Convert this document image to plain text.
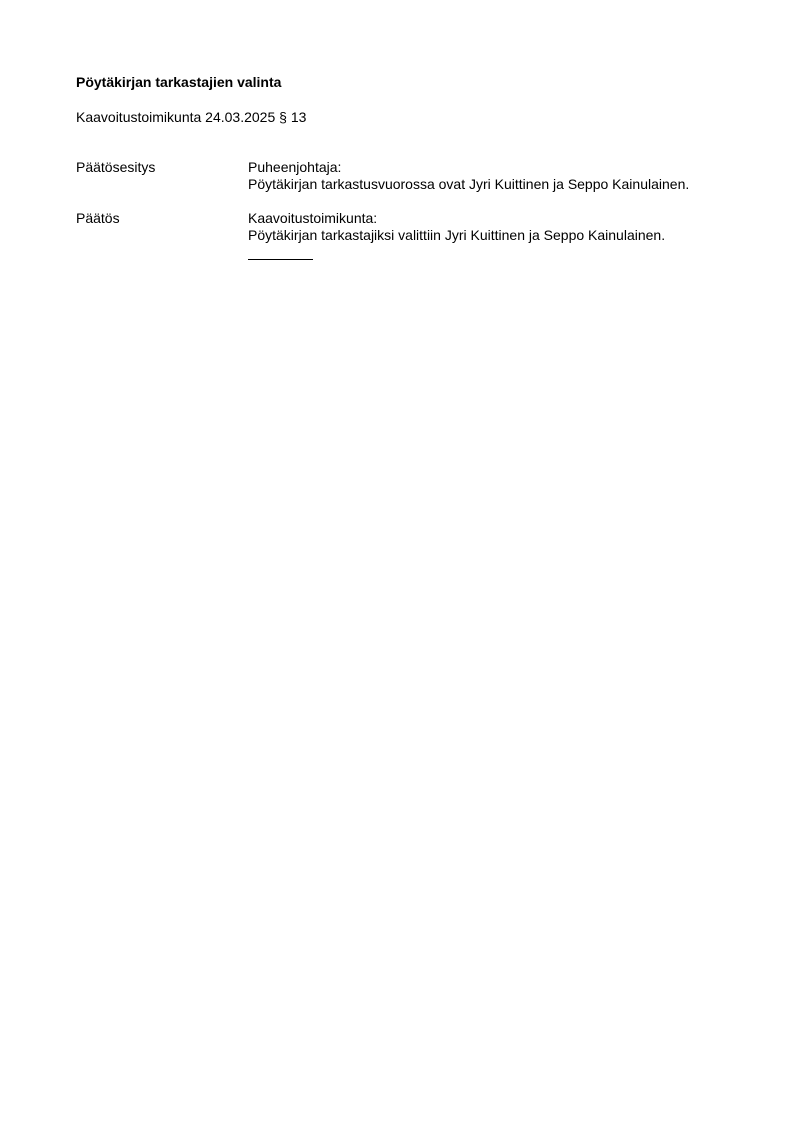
Pöytäkirjan tarkastajien valinta
Kaavoitustoimikunta 24.03.2025 § 13
Päätösesitys	Puheenjohtaja:
Pöytäkirjan tarkastusvuorossa ovat Jyri Kuittinen ja Seppo Kainulainen.
Päätös	Kaavoitustoimikunta:
Pöytäkirjan tarkastajiksi valittiin Jyri Kuittinen ja Seppo Kainulainen.
